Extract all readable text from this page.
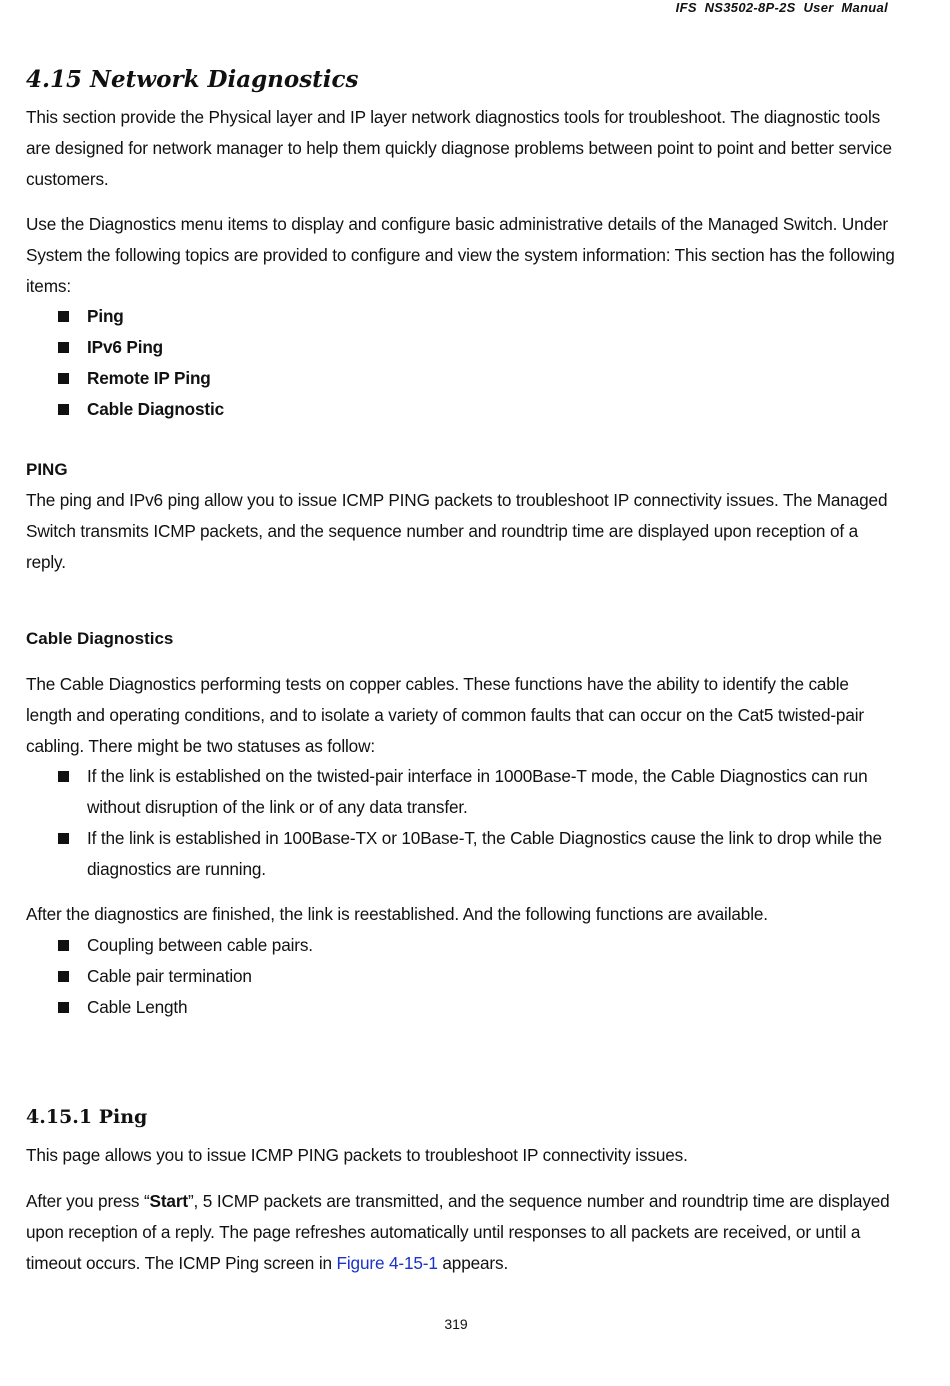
IFS  NS3502-8P-2S  User  Manual
4.15 Network Diagnostics

This section provide the Physical layer and IP layer network diagnostics tools for troubleshoot. The diagnostic tools are designed for network manager to help them quickly diagnose problems between point to point and better service customers.

Use the Diagnostics menu items to display and configure basic administrative details of the Managed Switch. Under System the following topics are provided to configure and view the system information: This section has the following items:

Ping
IPv6 Ping
Remote IP Ping
Cable Diagnostic
PING

The ping and IPv6 ping allow you to issue ICMP PING packets to troubleshoot IP connectivity issues. The Managed Switch transmits ICMP packets, and the sequence number and roundtrip time are displayed upon reception of a reply.

Cable Diagnostics

The Cable Diagnostics performing tests on copper cables. These functions have the ability to identify the cable length and operating conditions, and to isolate a variety of common faults that can occur on the Cat5 twisted-pair cabling. There might be two statuses as follow:

If the link is established on the twisted-pair interface in 1000Base-T mode, the Cable Diagnostics can run without disruption of the link or of any data transfer.
If the link is established in 100Base-TX or 10Base-T, the Cable Diagnostics cause the link to drop while the diagnostics are running.

After the diagnostics are finished, the link is reestablished. And the following functions are available.

Coupling between cable pairs.
Cable pair termination
Cable Length
4.15.1 Ping

This page allows you to issue ICMP PING packets to troubleshoot IP connectivity issues.

After you press “Start”, 5 ICMP packets are transmitted, and the sequence number and roundtrip time are displayed upon reception of a reply. The page refreshes automatically until responses to all packets are received, or until a timeout occurs. The ICMP Ping screen in Figure 4-15-1 appears.

319
